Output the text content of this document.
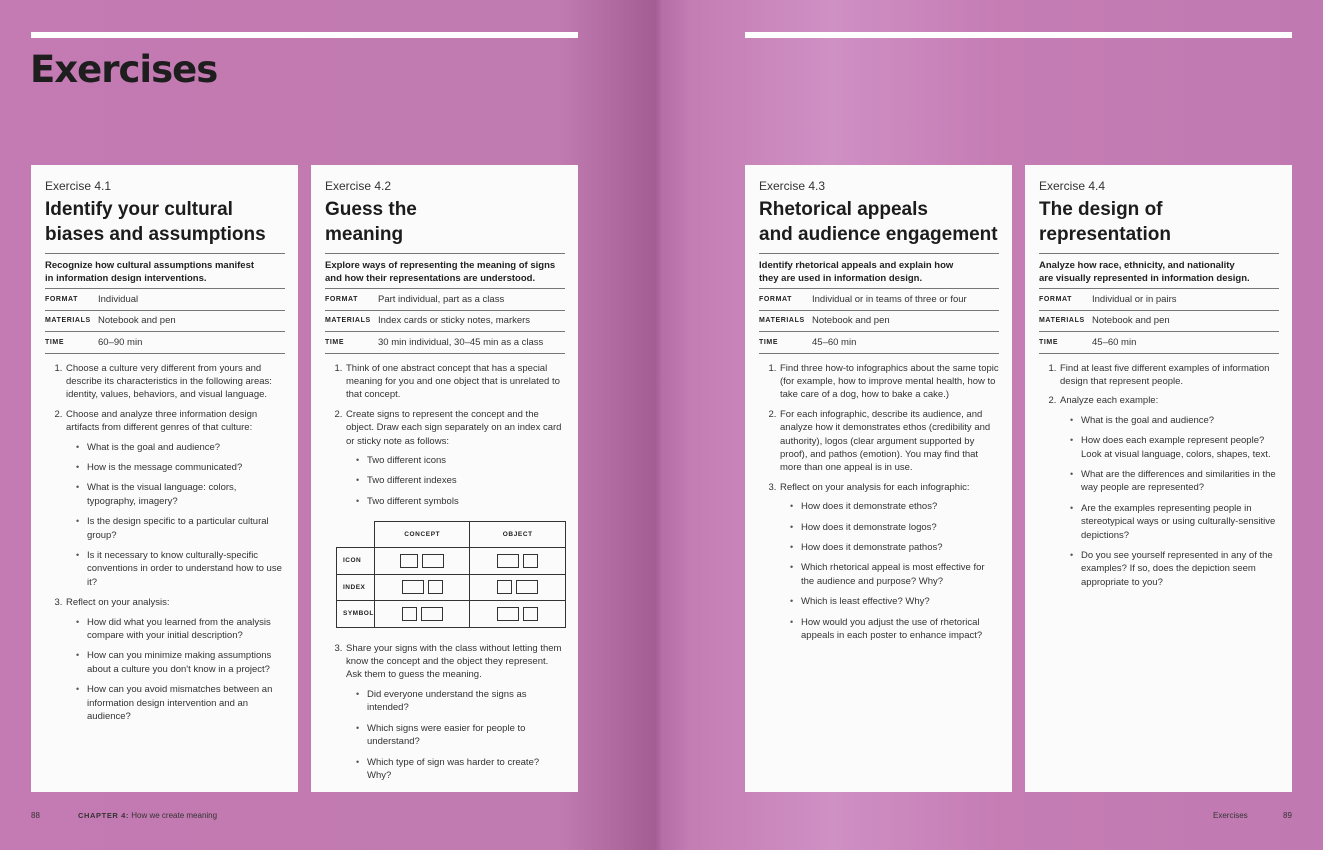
Exercises
Exercise 4.1
Identify your cultural
biases and assumptions
Recognize how cultural assumptions manifest
in information design interventions.
FORMAT	Individual
MATERIALS Notebook and pen
TIME	60–90 min
1. Choose a culture very different from yours and describe its characteristics in the following areas: identity, values, behaviors, and visual language.
2. Choose and analyze three information design artifacts from different genres of that culture:
• What is the goal and audience?
• How is the message communicated?
• What is the visual language: colors, typography, imagery?
• Is the design specific to a particular cultural group?
• Is it necessary to know culturally-specific conventions in order to understand how to use it?
3. Reflect on your analysis:
• How did what you learned from the analysis compare with your initial description?
• How can you minimize making assumptions about a culture you don't know in a project?
• How can you avoid mismatches between an information design intervention and an audience?
Exercise 4.2
Guess the
meaning
Explore ways of representing the meaning of signs
and how their representations are understood.
FORMAT	Part individual, part as a class
MATERIALS Index cards or sticky notes, markers
TIME	30 min individual, 30–45 min as a class
1. Think of one abstract concept that has a special meaning for you and one object that is unrelated to that concept.
2. Create signs to represent the concept and the object. Draw each sign separately on an index card or sticky note as follows:
• Two different icons
• Two different indexes
• Two different symbols
	CONCEPT	OBJECT
ICON	

INDEX	

SYMBOL	

3. Share your signs with the class without letting them know the concept and the object they represent. Ask them to guess the meaning.
• Did everyone understand the signs as intended?
• Which signs were easier for people to understand?
• Which type of sign was harder to create? Why?
Exercise 4.3
Rhetorical appeals
and audience engagement
Identify rhetorical appeals and explain how
they are used in information design.
FORMAT	Individual or in teams of three or four
MATERIALS Notebook and pen
TIME	45–60 min
1. Find three how-to infographics about the same topic (for example, how to improve mental health, how to take care of a dog, how to bake a cake.)
2. For each infographic, describe its audience, and analyze how it demonstrates ethos (credibility and authority), logos (clear argument supported by proof), and pathos (emotion). You may find that more than one appeal is in use.
3. Reflect on your analysis for each infographic:
• How does it demonstrate ethos?
• How does it demonstrate logos?
• How does it demonstrate pathos?
• Which rhetorical appeal is most effective for the audience and purpose? Why?
• Which is least effective? Why?
• How would you adjust the use of rhetorical appeals in each poster to enhance impact?
Exercise 4.4
The design of
representation
Analyze how race, ethnicity, and nationality
are visually represented in information design.
FORMAT	Individual or in pairs
MATERIALS Notebook and pen
TIME	45–60 min
1. Find at least five different examples of information design that represent people.
2. Analyze each example:
• What is the goal and audience?
• How does each example represent people? Look at visual language, colors, shapes, text.
• What are the differences and similarities in the way people are represented?
• Are the examples representing people in stereotypical ways or using culturally-sensitive depictions?
• Do you see yourself represented in any of the examples? If so, does the depiction seem appropriate to you?
88	CHAPTER 4: How we create meaning	Exercises	89
